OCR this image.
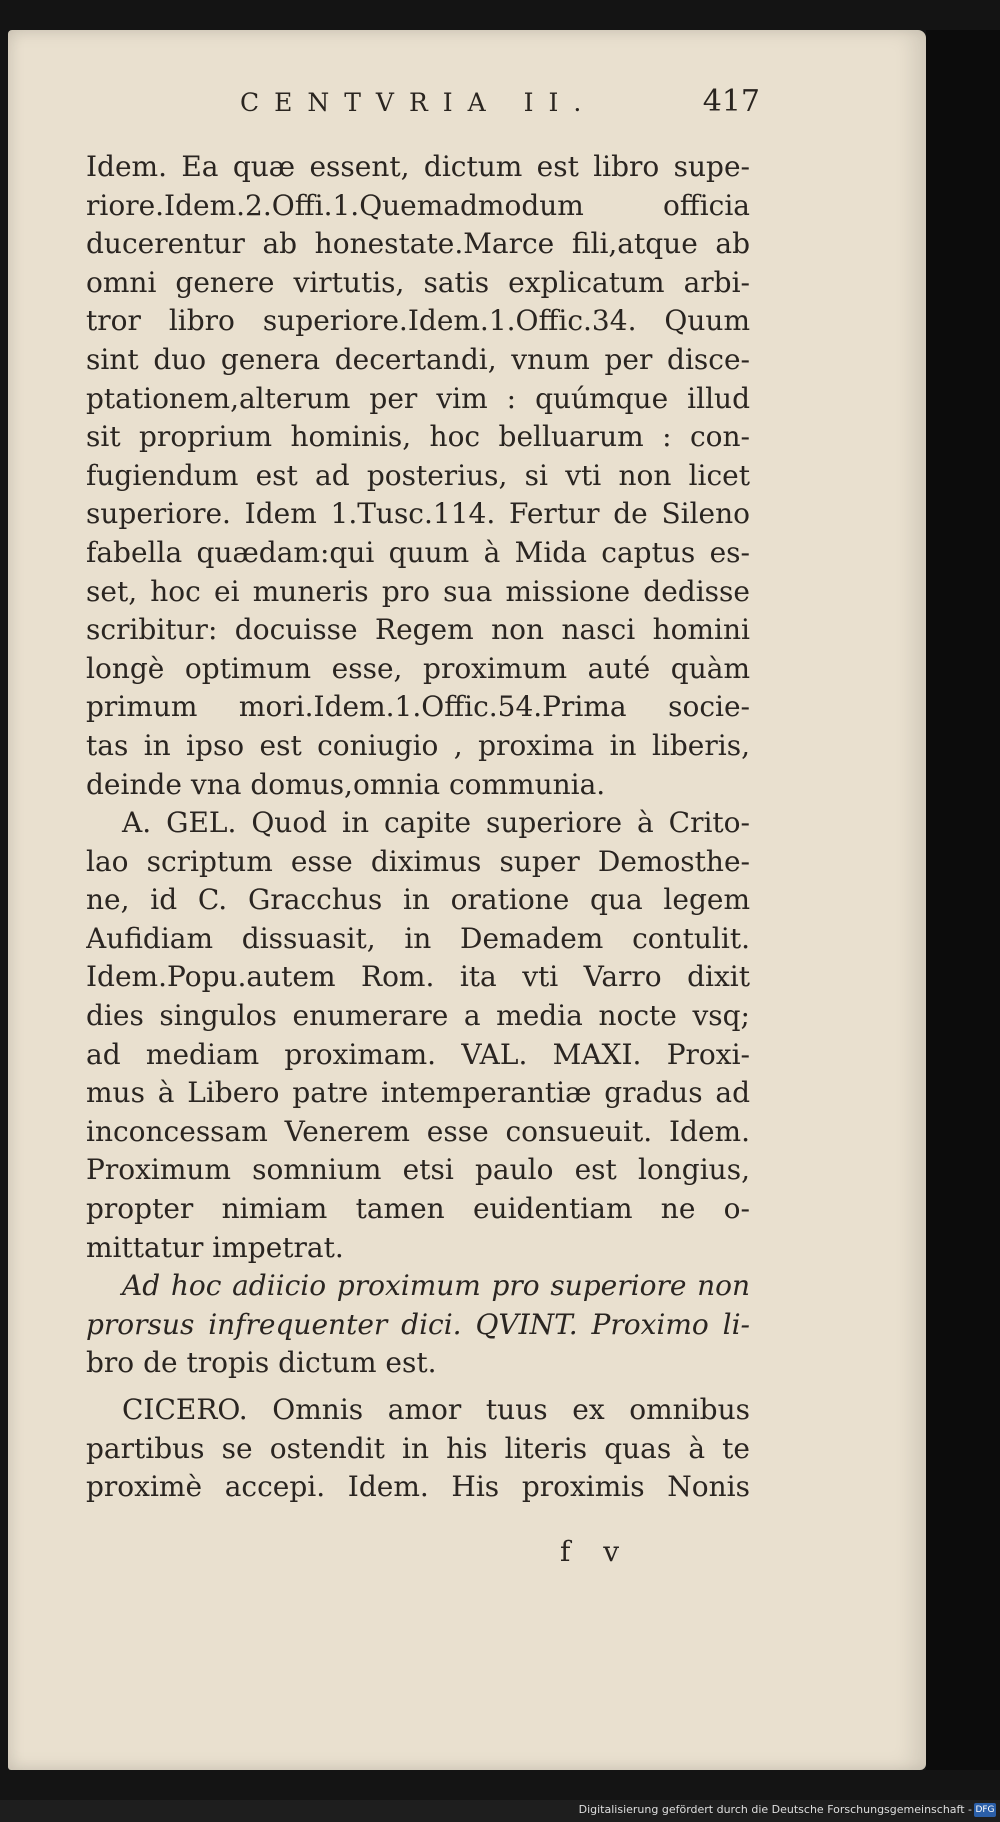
CENTVRIA II.	417
Idem. Ea quæ essent, dictum est libro supe-
riore.Idem.2.Offi.1.Quemadmodum officia
ducerentur ab honestate.Marce fili,atque ab
omni genere virtutis, satis explicatum arbi-
tror libro superiore.Idem.1.Offic.34. Quum
sint duo genera decertandi, vnum per disce-
ptationem,alterum per vim : quúmque illud
sit proprium hominis, hoc belluarum : con-
fugiendum est ad posterius, si vti non licet
superiore. Idem 1.Tusc.114. Fertur de Sileno
fabella quædam:qui quum à Mida captus es-
set, hoc ei muneris pro sua missione dedisse
scribitur: docuisse Regem non nasci homini
longè optimum esse, proximum auté quàm
primum mori.Idem.1.Offic.54.Prima socie-
tas in ipso est coniugio , proxima in liberis,
deinde vna domus,omnia communia.
A. GEL. Quod in capite superiore à Crito-
lao scriptum esse diximus super Demosthe-
ne, id C. Gracchus in oratione qua legem
Aufidiam dissuasit, in Demadem contulit.
Idem.Popu.autem Rom. ita vti Varro dixit
dies singulos enumerare a media nocte vsq;
ad mediam proximam. VAL. MAXI. Proxi-
mus à Libero patre intemperantiæ gradus ad
inconcessam Venerem esse consueuit. Idem.
Proximum somnium etsi paulo est longius,
propter nimiam tamen euidentiam ne o-
mittatur impetrat.
Ad hoc adiicio proximum pro superiore non
prorsus infrequenter dici. QVINT. Proximo li-
bro de tropis dictum est.
CICERO. Omnis amor tuus ex omnibus
partibus se ostendit in his literis quas à te
proximè accepi. Idem. His proximis Nonis
f v
Digitalisierung gefördert durch die Deutsche Forschungsgemeinschaft - DFG
